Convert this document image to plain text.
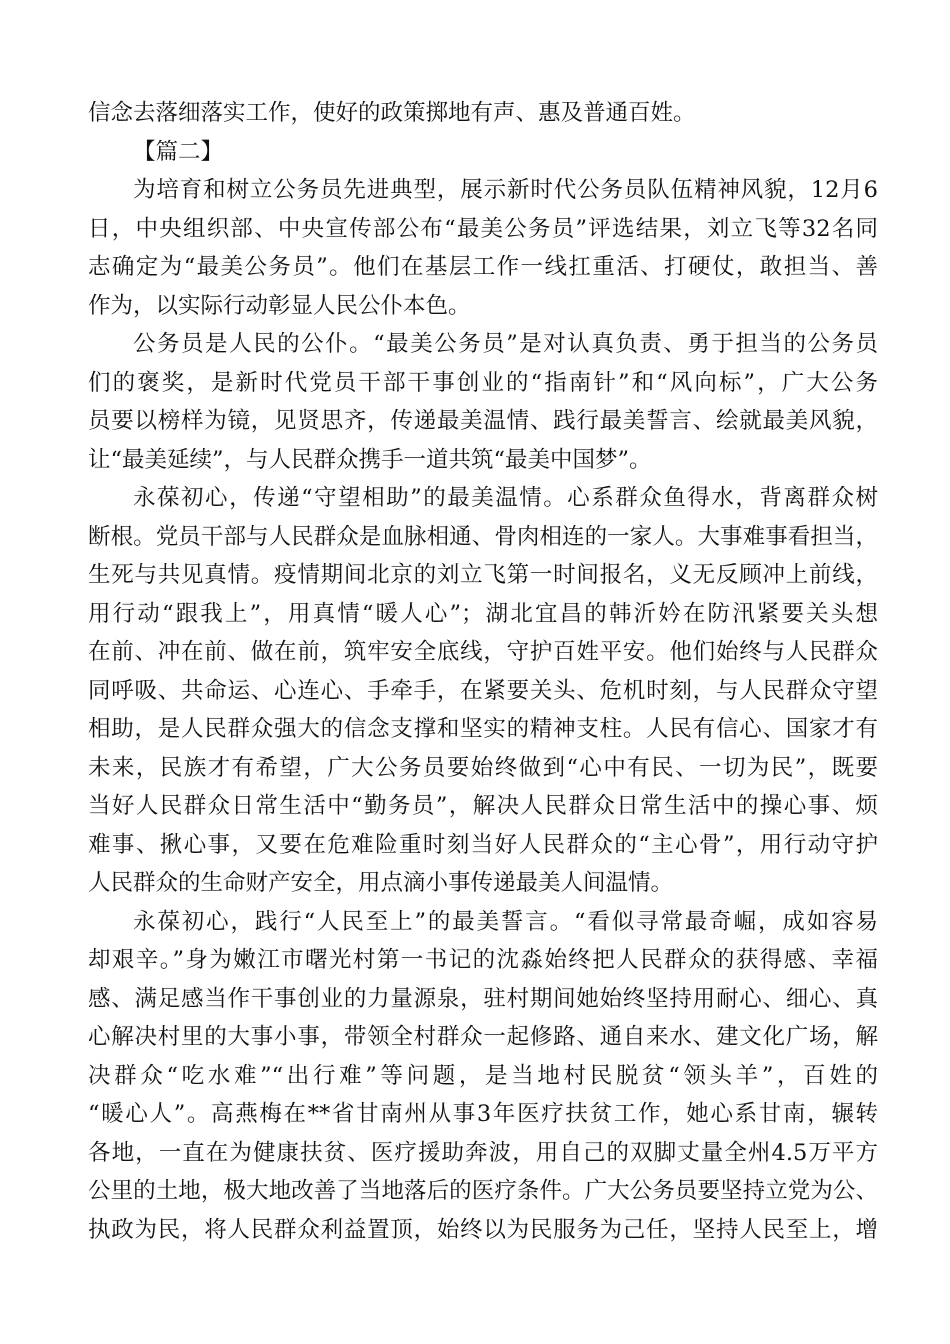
信念去落细落实工作，使好的政策掷地有声、惠及普通百姓。
【篇二】
为培育和树立公务员先进典型，展示新时代公务员队伍精神风貌，12月6
日，中央组织部、中央宣传部公布“最美公务员”评选结果，刘立飞等32名同
志确定为“最美公务员”。他们在基层工作一线扛重活、打硬仗，敢担当、善
作为，以实际行动彰显人民公仆本色。
公务员是人民的公仆。“最美公务员”是对认真负责、勇于担当的公务员
们的褒奖，是新时代党员干部干事创业的“指南针”和“风向标”，广大公务
员要以榜样为镜，见贤思齐，传递最美温情、践行最美誓言、绘就最美风貌，
让“最美延续”，与人民群众携手一道共筑“最美中国梦”。
永葆初心，传递“守望相助”的最美温情。心系群众鱼得水，背离群众树
断根。党员干部与人民群众是血脉相通、骨肉相连的一家人。大事难事看担当，
生死与共见真情。疫情期间北京的刘立飞第一时间报名，义无反顾冲上前线，
用行动“跟我上”，用真情“暖人心”；湖北宜昌的韩沂妗在防汛紧要关头想
在前、冲在前、做在前，筑牢安全底线，守护百姓平安。他们始终与人民群众
同呼吸、共命运、心连心、手牵手，在紧要关头、危机时刻，与人民群众守望
相助，是人民群众强大的信念支撑和坚实的精神支柱。人民有信心、国家才有
未来，民族才有希望，广大公务员要始终做到“心中有民、一切为民”，既要
当好人民群众日常生活中“勤务员”，解决人民群众日常生活中的操心事、烦
难事、揪心事，又要在危难险重时刻当好人民群众的“主心骨”，用行动守护
人民群众的生命财产安全，用点滴小事传递最美人间温情。
永葆初心，践行“人民至上”的最美誓言。“看似寻常最奇崛，成如容易
却艰辛。”身为嫩江市曙光村第一书记的沈淼始终把人民群众的获得感、幸福
感、满足感当作干事创业的力量源泉，驻村期间她始终坚持用耐心、细心、真
心解决村里的大事小事，带领全村群众一起修路、通自来水、建文化广场，解
决群众“吃水难”“出行难”等问题，是当地村民脱贫“领头羊”，百姓的
“暖心人”。高燕梅在**省甘南州从事3年医疗扶贫工作，她心系甘南，辗转
各地，一直在为健康扶贫、医疗援助奔波，用自己的双脚丈量全州4.5万平方
公里的土地，极大地改善了当地落后的医疗条件。广大公务员要坚持立党为公、
执政为民，将人民群众利益置顶，始终以为民服务为己任，坚持人民至上，增
